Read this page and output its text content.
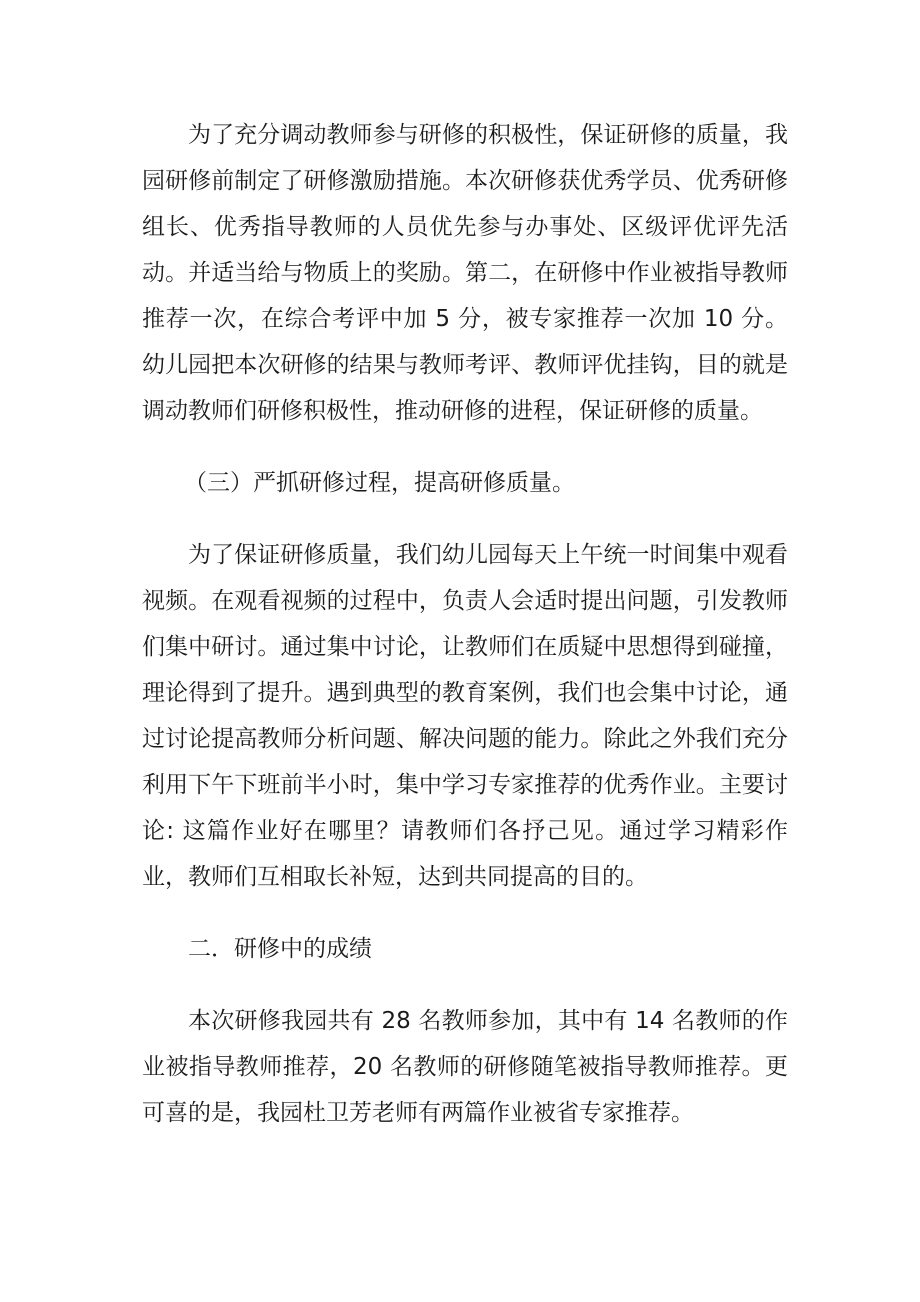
为了充分调动教师参与研修的积极性，保证研修的质量，我园研修前制定了研修激励措施。本次研修获优秀学员、优秀研修组长、优秀指导教师的人员优先参与办事处、区级评优评先活动。并适当给与物质上的奖励。第二，在研修中作业被指导教师推荐一次，在综合考评中加 5 分，被专家推荐一次加 10 分。幼儿园把本次研修的结果与教师考评、教师评优挂钩，目的就是调动教师们研修积极性，推动研修的进程，保证研修的质量。

（三）严抓研修过程，提高研修质量。

为了保证研修质量，我们幼儿园每天上午统一时间集中观看视频。在观看视频的过程中，负责人会适时提出问题，引发教师们集中研讨。通过集中讨论，让教师们在质疑中思想得到碰撞，理论得到了提升。遇到典型的教育案例，我们也会集中讨论，通过讨论提高教师分析问题、解决问题的能力。除此之外我们充分利用下午下班前半小时，集中学习专家推荐的优秀作业。主要讨论: 这篇作业好在哪里？请教师们各抒己见。通过学习精彩作业，教师们互相取长补短，达到共同提高的目的。

二．研修中的成绩

本次研修我园共有 28 名教师参加，其中有 14 名教师的作业被指导教师推荐，20 名教师的研修随笔被指导教师推荐。更可喜的是，我园杜卫芳老师有两篇作业被省专家推荐。
